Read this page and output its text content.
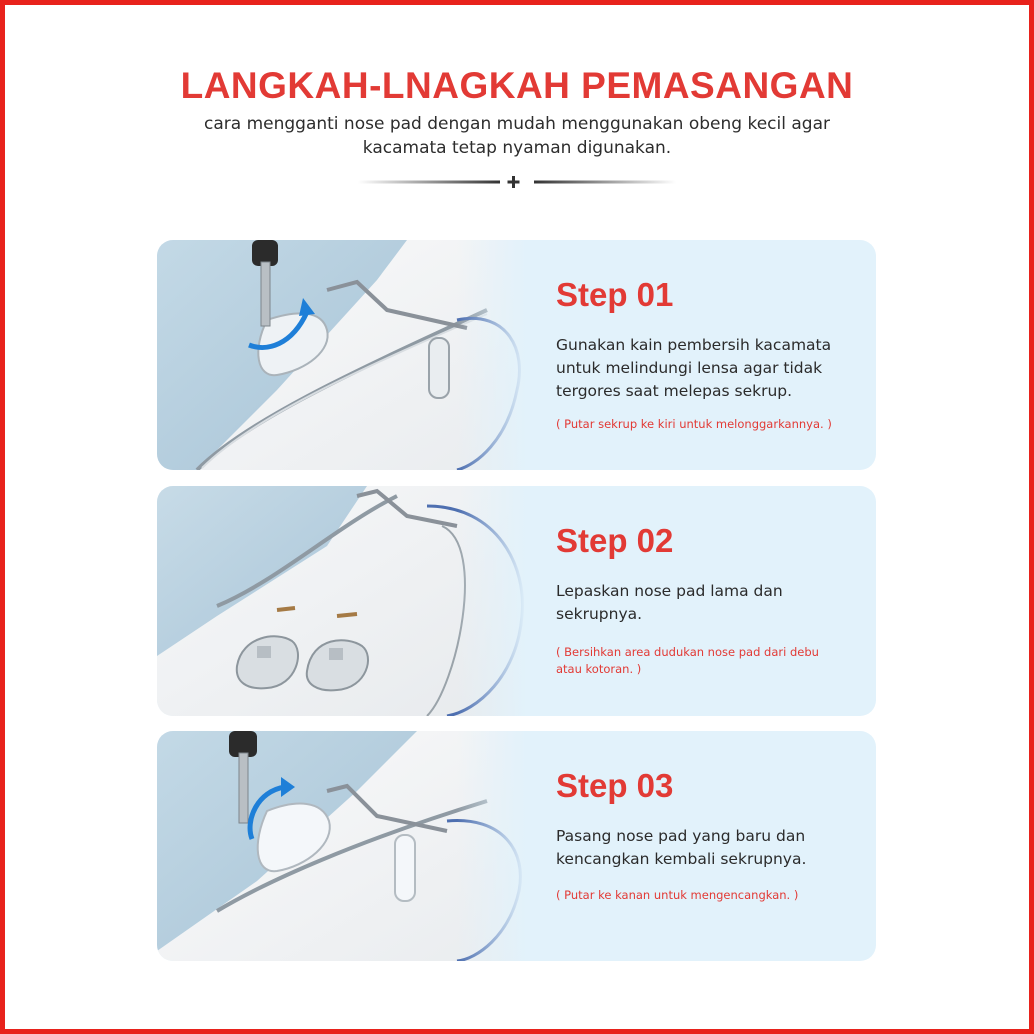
LANGKAH-LNAGKAH PEMASANGAN

cara mengganti nose pad dengan mudah menggunakan obeng kecil agar kacamata tetap nyaman digunakan.

Step 01

Gunakan kain pembersih kacamata untuk melindungi lensa agar tidak tergores saat melepas sekrup.

( Putar sekrup ke kiri untuk melonggarkannya. )

Step 02

Lepaskan nose pad lama dan sekrupnya.

( Bersihkan area dudukan nose pad dari debu atau kotoran. )

Step 03

Pasang nose pad yang baru dan kencangkan kembali sekrupnya.

( Putar ke kanan untuk mengencangkan. )
